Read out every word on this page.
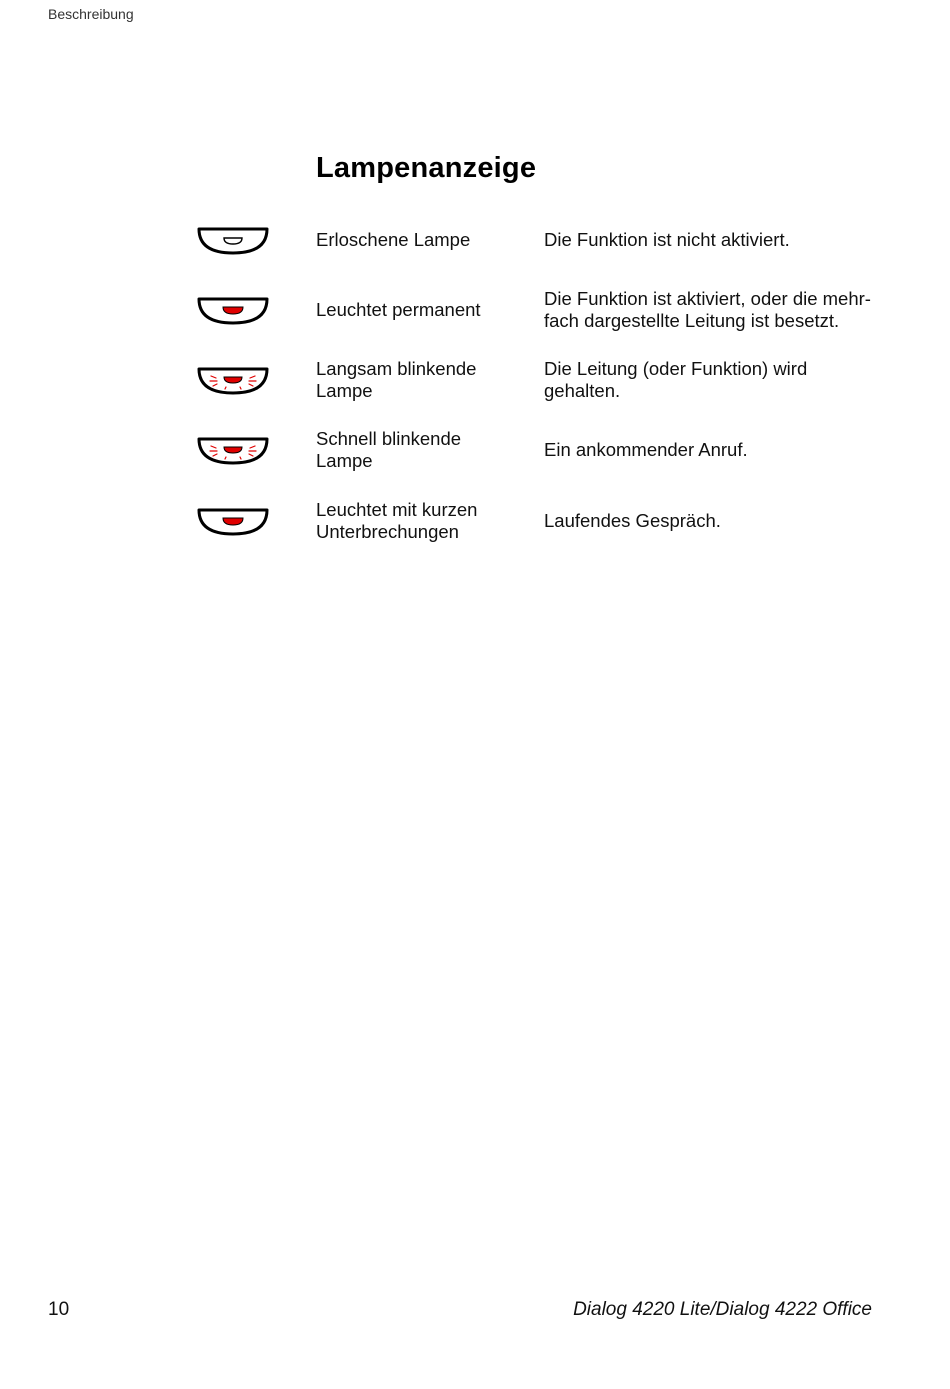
Beschreibung
Lampenanzeige
Erloschene Lampe	Die Funktion ist nicht aktiviert.
Leuchtet permanent
Die Funktion ist aktiviert, oder die mehr-
fach dargestellte Leitung ist besetzt.
Langsam blinkende
Lampe
Die Leitung (oder Funktion) wird
gehalten.
Schnell blinkende
Lampe
Ein ankommender Anruf.
Leuchtet mit kurzen
Unterbrechungen
Laufendes Gespräch.
10	Dialog 4220 Lite/Dialog 4222 Office
